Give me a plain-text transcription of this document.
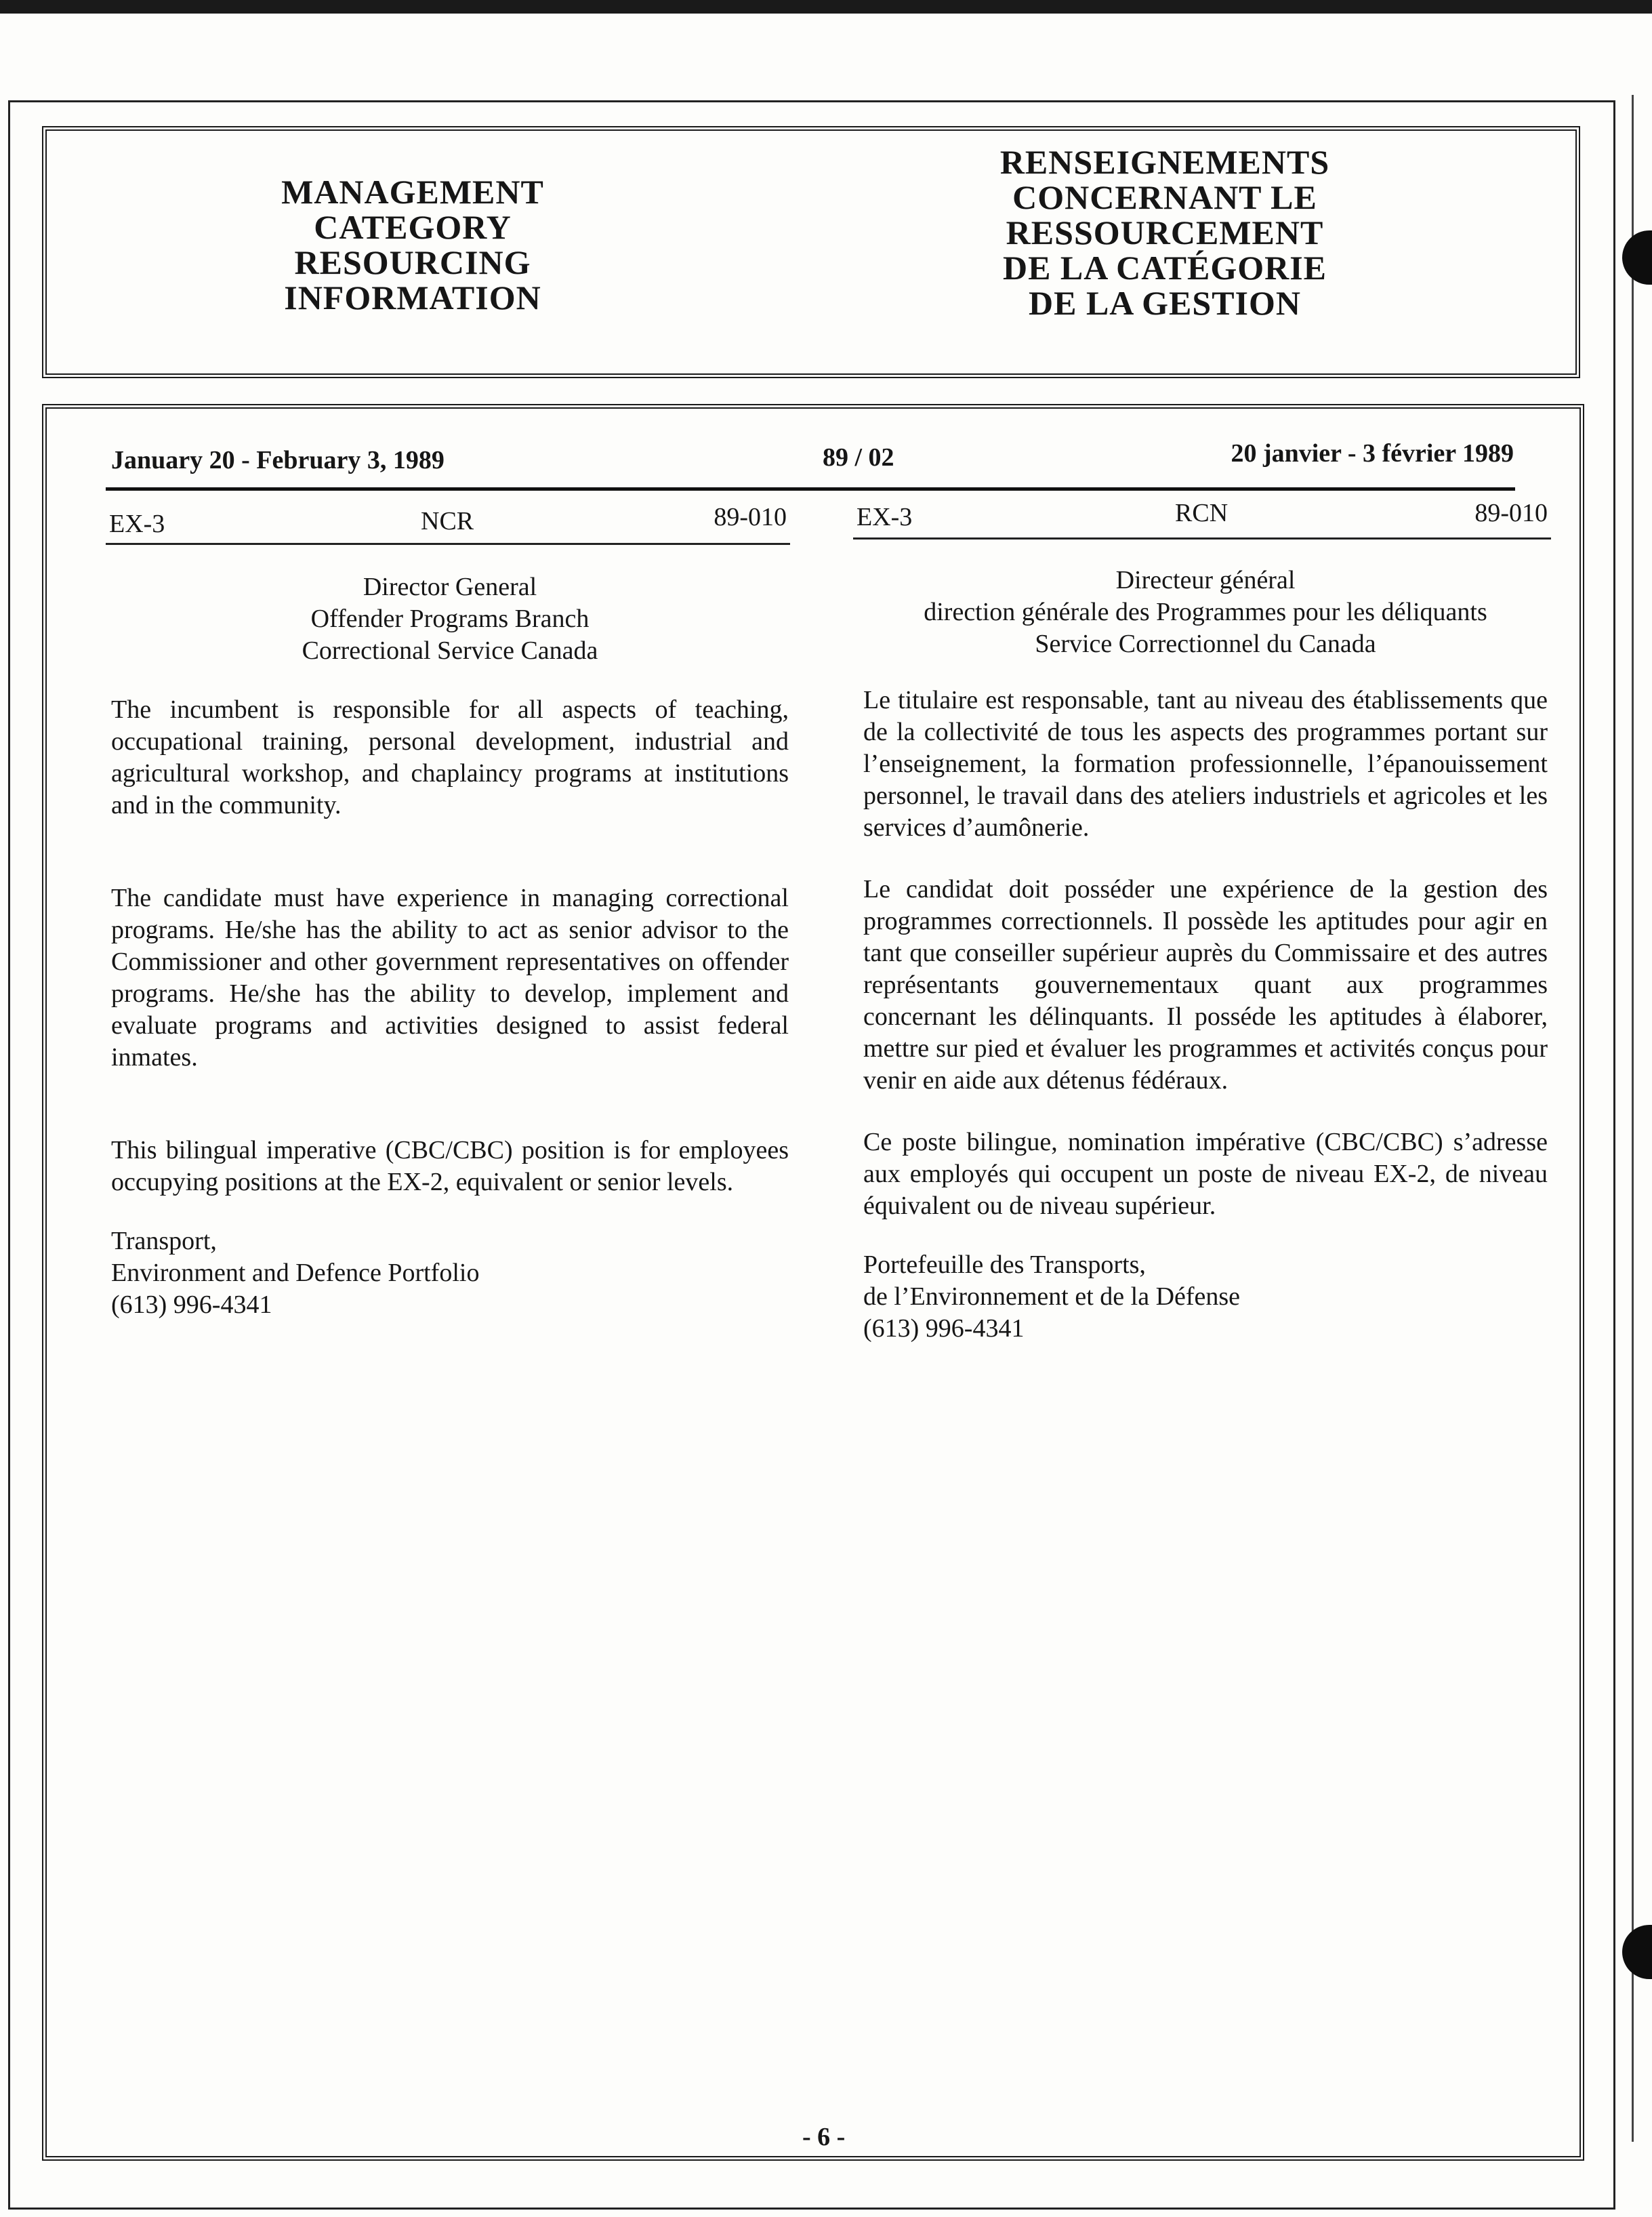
MANAGEMENT
CATEGORY
RESOURCING
INFORMATION
RENSEIGNEMENTS
CONCERNANT LE
RESSOURCEMENT
DE LA CATÉGORIE
DE LA GESTION
January 20 - February 3, 1989	89 / 02	20 janvier - 3 février 1989
EX-3	NCR	89-010	EX-3	RCN	89-010
Director General
Offender Programs Branch
Correctional Service Canada

The incumbent is responsible for all aspects of teaching, occupational training, personal development, industrial and agricultural workshop, and chaplaincy programs at institutions and in the community.

The candidate must have experience in managing correctional programs. He/she has the ability to act as senior advisor to the Commissioner and other government representatives on offender programs. He/she has the ability to develop, implement and evaluate programs and activities designed to assist federal inmates.

This bilingual imperative (CBC/CBC) position is for employees occupying positions at the EX-2, equivalent or senior levels.

Transport,
Environment and Defence Portfolio
(613) 996-4341
Directeur général
direction générale des Programmes pour les déliquants
Service Correctionnel du Canada

Le titulaire est responsable, tant au niveau des établissements que de la collectivité de tous les aspects des programmes portant sur l’enseignement, la formation professionnelle, l’épanouissement personnel, le travail dans des ateliers industriels et agricoles et les services d’aumônerie.

Le candidat doit posséder une expérience de la gestion des programmes correctionnels. Il possède les aptitudes pour agir en tant que conseiller supérieur auprès du Commissaire et des autres représentants gouvernementaux quant aux programmes concernant les délinquants. Il posséde les aptitudes à élaborer, mettre sur pied et évaluer les programmes et activités conçus pour venir en aide aux détenus fédéraux.

Ce poste bilingue, nomination impérative (CBC/CBC) s’adresse aux employés qui occupent un poste de niveau EX-2, de niveau équivalent ou de niveau supérieur.

Portefeuille des Transports,
de l’Environnement et de la Défense
(613) 996-4341
- 6 -
